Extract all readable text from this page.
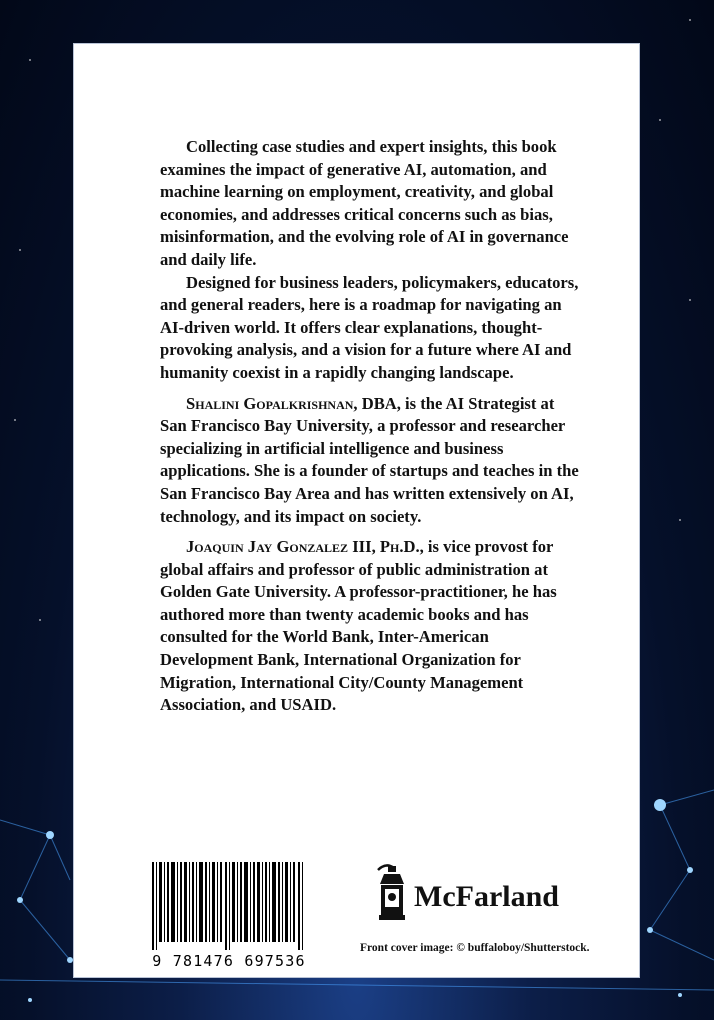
Collecting case studies and expert insights, this book examines the impact of generative AI, automation, and machine learning on employment, creativity, and global economies, and addresses critical concerns such as bias, misinformation, and the evolving role of AI in governance and daily life.

Designed for business leaders, policymakers, educators, and general readers, here is a roadmap for navigating an AI-driven world. It offers clear explanations, thought-provoking analysis, and a vision for a future where AI and humanity coexist in a rapidly changing landscape.

Shalini Gopalkrishnan, DBA, is the AI Strategist at San Francisco Bay University, a professor and researcher specializing in artificial intelligence and business applications. She is a founder of startups and teaches in the San Francisco Bay Area and has written extensively on AI, technology, and its impact on society.

Joaquin Jay Gonzalez III, Ph.D., is vice provost for global affairs and professor of public administration at Golden Gate University. A professor-practitioner, he has authored more than twenty academic books and has consulted for the World Bank, Inter-American Development Bank, International Organization for Migration, International City/County Management Association, and USAID.

9 781476 697536
McFarland
Front cover image: © buffaloboy/Shutterstock.
